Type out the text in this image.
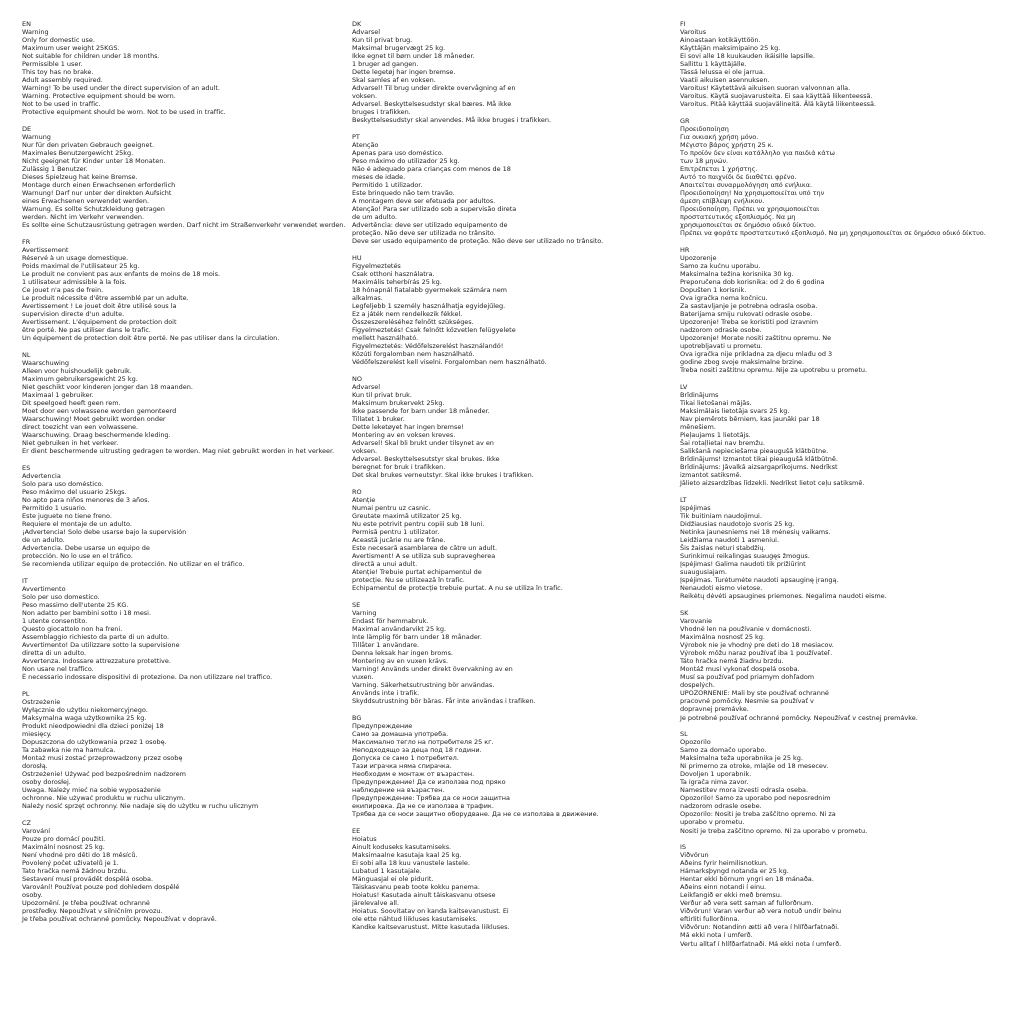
EN
Warning
Only for domestic use.
Maximum user weight 25KGS.
Not suitable for children under 18 months.
Permissible 1 user.
This toy has no brake.
Adult assembly required.
Warning! To be used under the direct supervision of an adult.
Warning. Protective equipment should be worn.
Not to be used in traffic.
Protective equipment should be worn. Not to be used in traffic.
DE
Warnung
Nur für den privaten Gebrauch geeignet.
Maximales Benutzergewicht 25kg.
Nicht geeignet für Kinder unter 18 Monaten.
Zulässig 1 Benutzer.
Dieses Spielzeug hat keine Bremse.
Montage durch einen Erwachsenen erforderlich
Warnung! Darf nur unter der direkten Aufsicht
eines Erwachsenen verwendet werden.
Warnung. Es sollte Schutzkleidung getragen
werden. Nicht im Verkehr verwenden.
Es sollte eine Schutzausrüstung getragen werden. Darf nicht im Straßenverkehr verwendet werden.
FR
Avertissement
Réservé à un usage domestique.
Poids maximal de l'utilisateur 25 kg.
Le produit ne convient pas aux enfants de moins de 18 mois.
1 utilisateur admissible à la fois.
Ce jouet n'a pas de frein.
Le produit nécessite d'être assemblé par un adulte.
Avertissement ! Le jouet doit être utilisé sous la
supervision directe d'un adulte.
Avertissement. L'équipement de protection doit
être porté. Ne pas utiliser dans le trafic.
Un équipement de protection doit être porté. Ne pas utiliser dans la circulation.
NL
Waarschuwing
Alleen voor huishoudelijk gebruik.
Maximum gebruikersgewicht 25 kg.
Niet geschikt voor kinderen jonger dan 18 maanden.
Maximaal 1 gebruiker.
Dit speelgoed heeft geen rem.
Moet door een volwassene worden gemonteerd
Waarschuwing! Moet gebruikt worden onder
direct toezicht van een volwassene.
Waarschuwing. Draag beschermende kleding.
Niet gebruiken in het verkeer.
Er dient beschermende uitrusting gedragen te worden. Mag niet gebruikt worden in het verkeer.
ES
Advertencia
Solo para uso doméstico.
Peso máximo del usuario 25kgs.
No apto para niños menores de 3 años.
Permitido 1 usuario.
Este juguete no tiene freno.
Requiere el montaje de un adulto.
¡Advertencia! Solo debe usarse bajo la supervisión
de un adulto.
Advertencia. Debe usarse un equipo de
protección. No lo use en el tráfico.
Se recomienda utilizar equipo de protección. No utilizar en el tráfico.
IT
Avvertimento
Solo per uso domestico.
Peso massimo dell'utente 25 KG.
Non adatto per bambini sotto i 18 mesi.
1 utente consentito.
Questo giocattolo non ha freni.
Assemblaggio richiesto da parte di un adulto.
Avvertimento! Da utilizzare sotto la supervisione
diretta di un adulto.
Avvertenza. Indossare attrezzature protettive.
Non usare nel traffico.
È necessario indossare dispositivi di protezione. Da non utilizzare nel traffico.
PL
Ostrzeżenie
Wyłącznie do użytku niekomercyjnego.
Maksymalna waga użytkownika 25 kg.
Produkt nieodpowiedni dla dzieci poniżej 18
miesięcy.
Dopuszczona do użytkowania przez 1 osobę.
Ta zabawka nie ma hamulca.
Montaż musi zostać przeprowadzony przez osobę
dorosłą.
Ostrzeżenie! Używać pod bezpośrednim nadzorem
osoby dorosłej.
Uwaga. Należy mieć na sobie wyposażenie
ochronne. Nie używać produktu w ruchu ulicznym.
Należy nosić sprzęt ochronny. Nie nadaje się do użytku w ruchu ulicznym
CZ
Varování
Pouze pro domácí použití.
Maximální nosnost 25 kg.
Není vhodné pro děti do 18 měsíců.
Povolený počet uživatelů je 1.
Tato hračka nemá žádnou brzdu.
Sestavení musí provádět dospělá osoba.
Varování! Používat pouze pod dohledem dospělé
osoby.
Upozornění. Je třeba používat ochranné
prostředky. Nepoužívat v silničním provozu.
Je třeba používat ochranné pomůcky. Nepoužívat v dopravě.
DK
Advarsel
Kun til privat brug.
Maksimal brugervægt 25 kg.
Ikke egnet til børn under 18 måneder.
1 bruger ad gangen.
Dette legetøj har ingen bremse.
Skal samles af en voksen.
Advarsel! Til brug under direkte overvågning af en
voksen.
Advarsel. Beskyttelsesudstyr skal bæres. Må ikke
bruges i trafikken.
Beskyttelsesudstyr skal anvendes. Må ikke bruges i trafikken.
PT
Atenção
Apenas para uso doméstico.
Peso máximo do utilizador 25 kg.
Não é adequado para crianças com menos de 18
meses de idade.
Permitido 1 utilizador.
Este brinquedo não tem travão.
A montagem deve ser efetuada por adultos.
Atenção! Para ser utilizado sob a supervisão direta
de um adulto.
Advertência: deve ser utilizado equipamento de
proteção. Não deve ser utilizada no trânsito.
Deve ser usado equipamento de proteção. Não deve ser utilizado no trânsito.
HU
Figyelmeztetés
Csak otthoni használatra.
Maximális teherbírás 25 kg.
18 hónapnál fiatalabb gyermekek számára nem
alkalmas.
Legfeljebb 1 személy használhatja egyidejűleg.
Ez a játék nem rendelkezik fékkel.
Összeszereléséhez felnőtt szükséges.
Figyelmeztetés! Csak felnőtt közvetlen felügyelete
mellett használható.
Figyelmeztetés: Védőfelszerelést használandó!
Közúti forgalomban nem használható.
Védőfelszerelést kell viselni. Forgalomban nem használható.
NO
Advarsel
Kun til privat bruk.
Maksimum brukervekt 25kg.
Ikke passende for barn under 18 måneder.
Tillatet 1 bruker.
Dette leketøyet har ingen bremse!
Montering av en voksen kreves.
Advarsel! Skal bli brukt under tilsynet av en
voksen.
Advarsel. Beskyttelsesutstyr skal brukes. Ikke
beregnet for bruk i trafikken.
Det skal brukes verneutstyr. Skal ikke brukes i trafikken.
RO
Atenție
Numai pentru uz casnic.
Greutate maximă utilizator 25 kg.
Nu este potrivit pentru copiii sub 18 luni.
Permisă pentru 1 utilizator.
Această jucărie nu are frâne.
Este necesară asamblarea de către un adult.
Avertisment! A se utiliza sub supravegherea
directă a unui adult.
Atenție! Trebuie purtat echipamentul de
protecție. Nu se utilizează în trafic.
Echipamentul de protecție trebuie purtat. A nu se utiliza în trafic.
SE
Varning
Endast för hemmabruk.
Maximal användarvikt 25 kg.
Inte lämplig för barn under 18 månader.
Tillåter 1 användare.
Denna leksak har ingen broms.
Montering av en vuxen krävs.
Varning! Används under direkt övervakning av en
vuxen.
Varning. Säkerhetsutrustning bör användas.
Används inte i trafik.
Skyddsutrustning bör bäras. Får inte användas i trafiken.
BG
Предупреждение
Само за домашна употреба.
Максимално тегло на потребителя 25 кг.
Неподходящо за деца под 18 години.
Допуска се само 1 потребител.
Тази играчка няма спирачка.
Необходим е монтаж от възрастен.
Предупреждение! Да се използва под пряко
наблюдение на възрастен.
Предупреждение: Трябва да се носи защитна
екипировка. Да не се използва в трафик.
Трябва да се носи защитно оборудване. Да не се използва в движение.
EE
Hoiatus
Ainult koduseks kasutamiseks.
Maksimaalne kasutaja kaal 25 kg.
Ei sobi alla 18 kuu vanustele lastele.
Lubatud 1 kasutajale.
Mänguasjal ei ole pidurit.
Täiskasvanu peab toote kokku panema.
Hoiatus! Kasutada ainult täiskasvanu otsese
järelevalve all.
Hoiatus. Soovitatav on kanda kaitsevarustust. Ei
ole ette nähtud liikluses kasutamiseks.
Kandke kaitsevarustust. Mitte kasutada liikluses.
FI
Varoitus
Ainoastaan kotikäyttöön.
Käyttäjän maksimipaino 25 kg.
Ei sovi alle 18 kuukauden ikäisille lapsille.
Sallittu 1 käyttäjälle.
Tässä lelussa ei ole jarrua.
Vaatii aikuisen asennuksen.
Varoitus! Käytettävä aikuisen suoran valvonnan alla.
Varoitus. Käytä suojavarusteita. Ei saa käyttää liikenteessä.
Varoitus. Pitää käyttää suojavälineitä. Älä käytä liikenteessä.
GR
Προειδοποίηση
Για οικιακή χρήση μόνο.
Μέγιστο βάρος χρήστη 25 κ.
Το προϊόν δεν είναι κατάλληλο για παιδιά κάτω
των 18 μηνών.
Επιτρέπεται 1 χρήστης.
Αυτό το παιχνίδι δε διαθέτει φρένο.
Απαιτείται συναρμολόγηση από ενήλικα.
Προειδοποίηση! Να χρησιμοποιείται υπό την
άμεση επίβλεψη ενήλικου.
Προειδοποίηση. Πρέπει να χρησιμοποιείται
προστατευτικός εξοπλισμός. Να μη
χρησιμοποιείται σε δημόσιο οδικό δίκτυο.
Πρέπει να φοράτε προστατευτικό εξοπλισμό. Να μη χρησιμοποιείται σε δημόσιο οδικό δίκτυο.
HR
Upozorenje
Samo za kućnu uporabu.
Maksimalna težina korisnika 30 kg.
Preporučena dob korisnika: od 2 do 6 godina
Dopušten 1 korisnik.
Ova igračka nema kočnicu.
Za sastavljanje je potrebna odrasla osoba.
Baterijama smiju rukovati odrasle osobe.
Upozorenje! Treba se koristiti pod izravnim
nadzorom odrasle osobe.
Upozorenje! Morate nositi zaštitnu opremu. Ne
upotrebljavati u prometu.
Ova igračka nije prikladna za djecu mlađu od 3
godine zbog svoje maksimalne brzine.
Treba nositi zaštitnu opremu. Nije za upotrebu u prometu.
LV
Brīdinājums
Tikai lietošanai mājās.
Maksimālais lietotāja svars 25 kg.
Nav piemērots bērniem, kas jaunāki par 18
mēnešiem.
Pieļaujams 1 lietotājs.
Šai rotaļlietai nav bremžu.
Salikšanā nepieciešama pieaugušā klātbūtne.
Brīdinājums! Izmantot tikai pieaugušā klātbūtnē.
Brīdinājums: Jāvalkā aizsargaprīkojums. Nedrīkst
izmantot satiksmē.
Jālieto aizsardzības līdzekli. Nedrīkst lietot ceļu satiksmē.
LT
Įspėjimas
Tik buitiniam naudojimui.
Didžiausias naudotojo svoris 25 kg.
Netinka jaunesniems nei 18 mėnesių vaikams.
Leidžiama naudoti 1 asmeniui.
Šis žaislas neturi stabdžių.
Surinkimui reikalingas suaugęs žmogus.
Įspėjimas! Galima naudoti tik prižiūrint
suaugusiajam.
Įspėjimas. Turėtumėte naudoti apsauginę įrangą.
Nenaudoti eismo vietose.
Reikėtų dėvėti apsaugines priemones. Negalima naudoti eisme.
SK
Varovanie
Vhodné len na používanie v domácnosti.
Maximálna nosnosť 25 kg.
Výrobok nie je vhodný pre deti do 18 mesiacov.
Výrobok môžu naraz používať iba 1 používateľ.
Táto hračka nemá žiadnu brzdu.
Montáž musí vykonať dospelá osoba.
Musí sa používať pod priamym dohľadom
dospelých.
UPOZORNENIE: Mali by ste používať ochranné
pracovné pomôcky. Nesmie sa používať v
dopravnej premávke.
Je potrebné používať ochranné pomôcky. Nepoužívať v cestnej premávke.
SL
Opozorilo
Samo za domačo uporabo.
Maksimalna teža uporabnika je 25 kg.
Ni primerno za otroke, mlajše od 18 mesecev.
Dovoljen 1 uporabnik.
Ta igrača nima zavor.
Namestitev mora izvesti odrasla oseba.
Opozorilo! Samo za uporabo pod neposrednim
nadzorom odrasle osebe.
Opozorilo: Nositi je treba zaščitno opremo. Ni za
uporabo v prometu.
Nositi je treba zaščitno opremo. Ni za uporabo v prometu.
IS
Viðvörun
Aðeins fyrir heimilisnotkun.
Hámarksþyngd notanda er 25 kg.
Hentar ekki börnum yngri en 18 mánaða.
Aðeins einn notandi í einu.
Leikfangið er ekki með bremsu.
Verður að vera sett saman af fullorðnum.
Viðvörun! Varan verður að vera notuð undir beinu
eftirliti fullorðinna.
Viðvörun: Notandinn ætti að vera í hlífðarfatnaði.
Má ekki nota í umferð.
Vertu alltaf í hlífðarfatnaði. Má ekki nota í umferð.
